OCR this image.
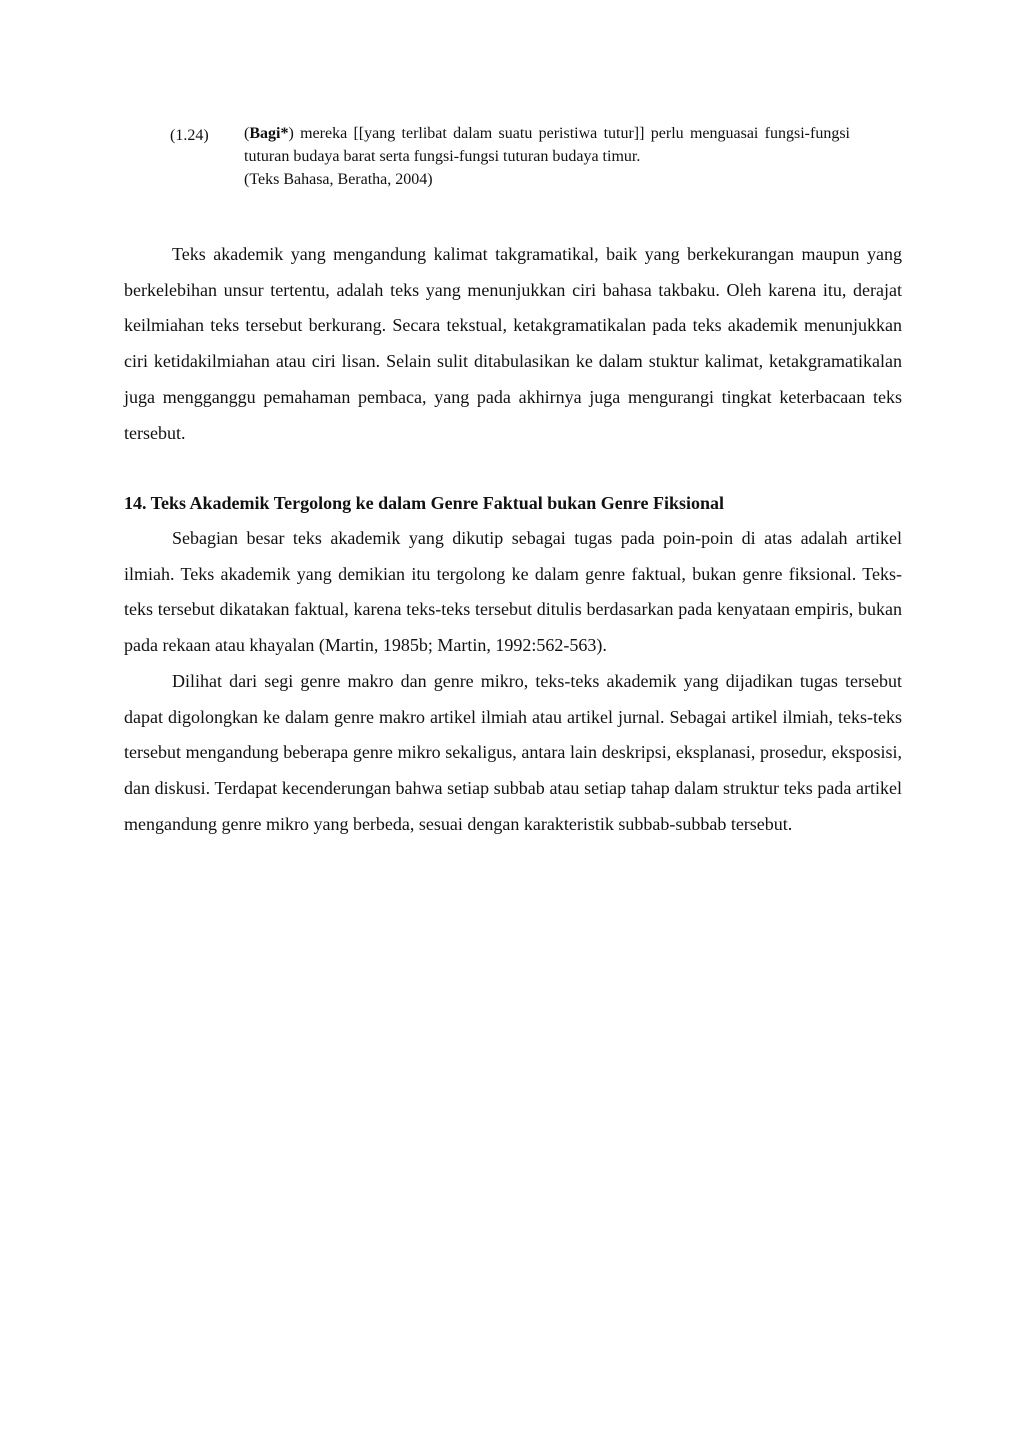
(1.24)	(Bagi*) mereka [[yang terlibat dalam suatu peristiwa tutur]] perlu menguasai fungsi-fungsi tuturan budaya barat serta fungsi-fungsi tuturan budaya timur.
(Teks Bahasa, Beratha, 2004)

Teks akademik yang mengandung kalimat takgramatikal, baik yang berkekurangan maupun yang berkelebihan unsur tertentu, adalah teks yang menunjukkan ciri bahasa takbaku. Oleh karena itu, derajat keilmiahan teks tersebut berkurang. Secara tekstual, ketakgramatikalan pada teks akademik menunjukkan ciri ketidakilmiahan atau ciri lisan. Selain sulit ditabulasikan ke dalam stuktur kalimat, ketakgramatikalan juga mengganggu pemahaman pembaca, yang pada akhirnya juga mengurangi tingkat keterbacaan teks tersebut.

14. Teks Akademik Tergolong ke dalam Genre Faktual bukan Genre Fiksional

Sebagian besar teks akademik yang dikutip sebagai tugas pada poin-poin di atas adalah artikel ilmiah. Teks akademik yang demikian itu tergolong ke dalam genre faktual, bukan genre fiksional. Teks-teks tersebut dikatakan faktual, karena teks-teks tersebut ditulis berdasarkan pada kenyataan empiris, bukan pada rekaan atau khayalan (Martin, 1985b; Martin, 1992:562-563).

Dilihat dari segi genre makro dan genre mikro, teks-teks akademik yang dijadikan tugas tersebut dapat digolongkan ke dalam genre makro artikel ilmiah atau artikel jurnal. Sebagai artikel ilmiah, teks-teks tersebut mengandung beberapa genre mikro sekaligus, antara lain deskripsi, eksplanasi, prosedur, eksposisi, dan diskusi. Terdapat kecenderungan bahwa setiap subbab atau setiap tahap dalam struktur teks pada artikel mengandung genre mikro yang berbeda, sesuai dengan karakteristik subbab-subbab tersebut.
